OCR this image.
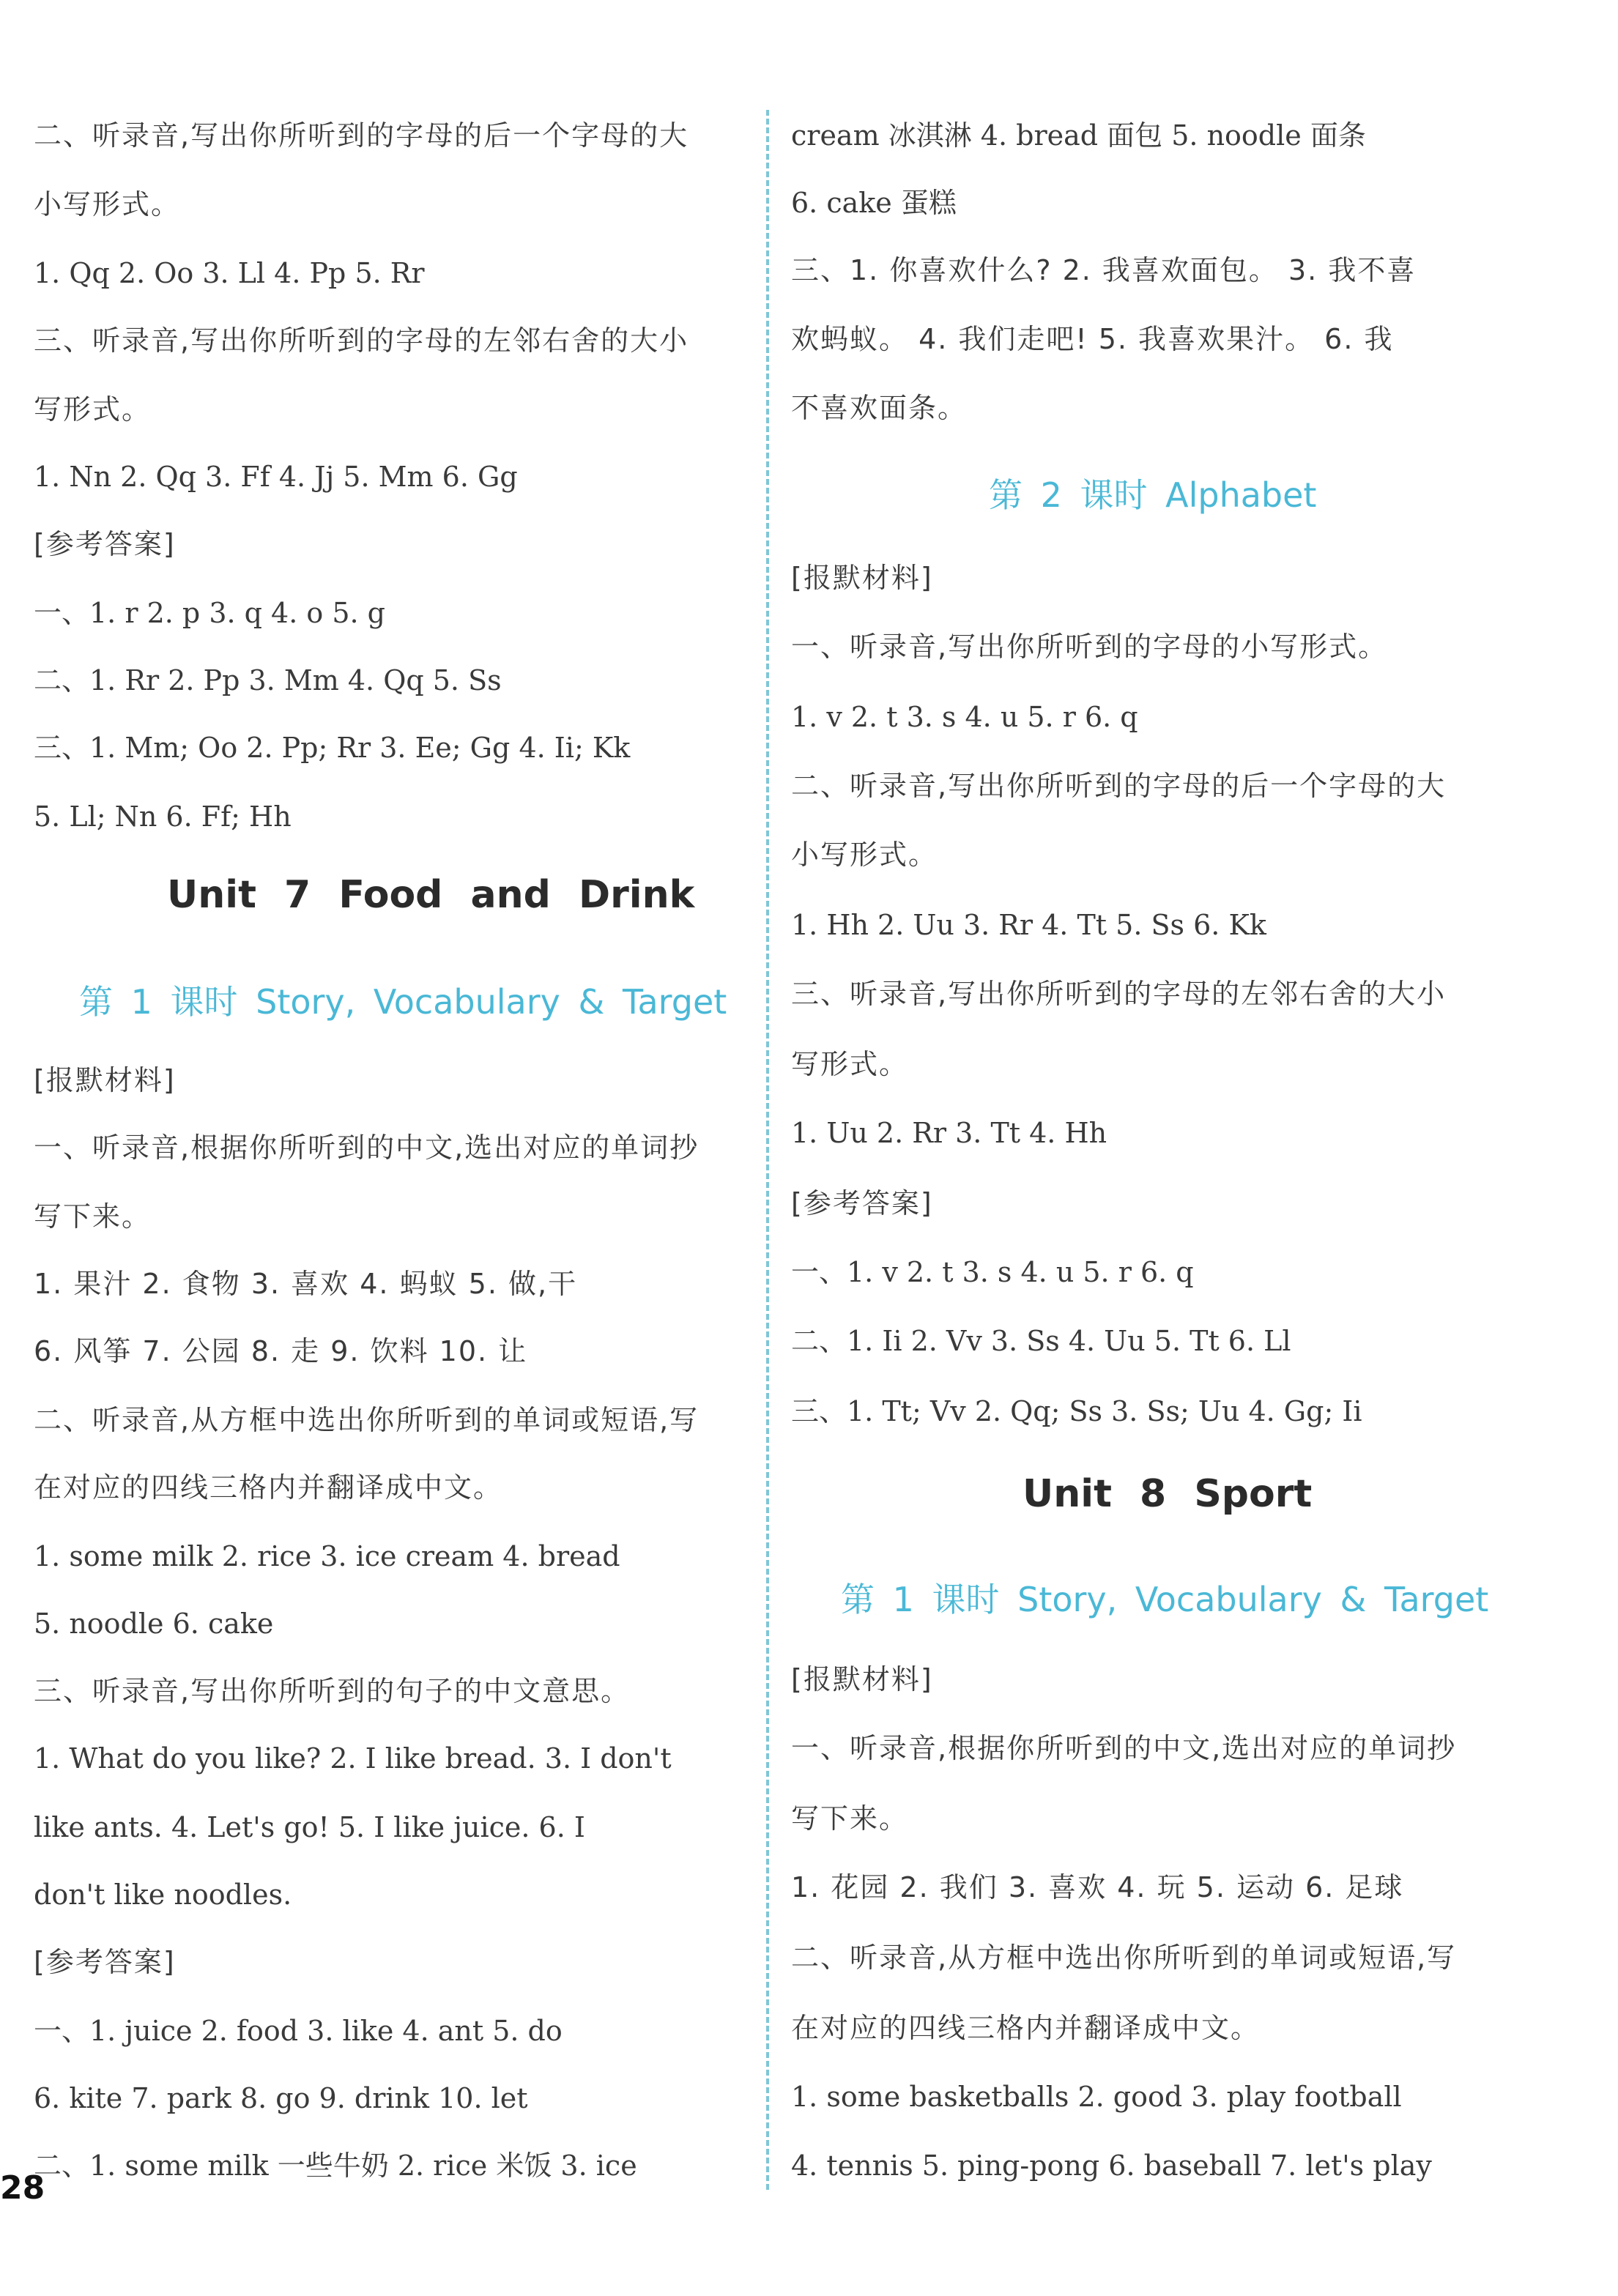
二、听录音,写出你所听到的字母的后一个字母的大
小写形式。
1. Qq 2. Oo 3. Ll 4. Pp 5. Rr
三、听录音,写出你所听到的字母的左邻右舍的大小
写形式。
1. Nn 2. Qq 3. Ff 4. Jj 5. Mm 6. Gg
[参考答案]
一、1. r 2. p 3. q 4. o 5. g
二、1. Rr 2. Pp 3. Mm 4. Qq 5. Ss
三、1. Mm; Oo 2. Pp; Rr 3. Ee; Gg 4. Ii; Kk
5. Ll; Nn 6. Ff; Hh
Unit 7 Food and Drink
第 1 课时 Story, Vocabulary & Target
[报默材料]
一、听录音,根据你所听到的中文,选出对应的单词抄
写下来。
1. 果汁 2. 食物 3. 喜欢 4. 蚂蚁 5. 做,干
6. 风筝 7. 公园 8. 走 9. 饮料 10. 让
二、听录音,从方框中选出你所听到的单词或短语,写
在对应的四线三格内并翻译成中文。
1. some milk 2. rice 3. ice cream 4. bread
5. noodle 6. cake
三、听录音,写出你所听到的句子的中文意思。
1. What do you like? 2. I like bread. 3. I don't
like ants. 4. Let's go! 5. I like juice. 6. I
don't like noodles.
[参考答案]
一、1. juice 2. food 3. like 4. ant 5. do
6. kite 7. park 8. go 9. drink 10. let
二、1. some milk 一些牛奶 2. rice 米饭 3. ice
cream 冰淇淋 4. bread 面包 5. noodle 面条
6. cake 蛋糕
三、1. 你喜欢什么? 2. 我喜欢面包。 3. 我不喜
欢蚂蚁。 4. 我们走吧! 5. 我喜欢果汁。 6. 我
不喜欢面条。
第 2 课时 Alphabet
[报默材料]
一、听录音,写出你所听到的字母的小写形式。
1. v 2. t 3. s 4. u 5. r 6. q
二、听录音,写出你所听到的字母的后一个字母的大
小写形式。
1. Hh 2. Uu 3. Rr 4. Tt 5. Ss 6. Kk
三、听录音,写出你所听到的字母的左邻右舍的大小
写形式。
1. Uu 2. Rr 3. Tt 4. Hh
[参考答案]
一、1. v 2. t 3. s 4. u 5. r 6. q
二、1. Ii 2. Vv 3. Ss 4. Uu 5. Tt 6. Ll
三、1. Tt; Vv 2. Qq; Ss 3. Ss; Uu 4. Gg; Ii
Unit 8 Sport
第 1 课时 Story, Vocabulary & Target
[报默材料]
一、听录音,根据你所听到的中文,选出对应的单词抄
写下来。
1. 花园 2. 我们 3. 喜欢 4. 玩 5. 运动 6. 足球
二、听录音,从方框中选出你所听到的单词或短语,写
在对应的四线三格内并翻译成中文。
1. some basketballs 2. good 3. play football
4. tennis 5. ping-pong 6. baseball 7. let's play
28
